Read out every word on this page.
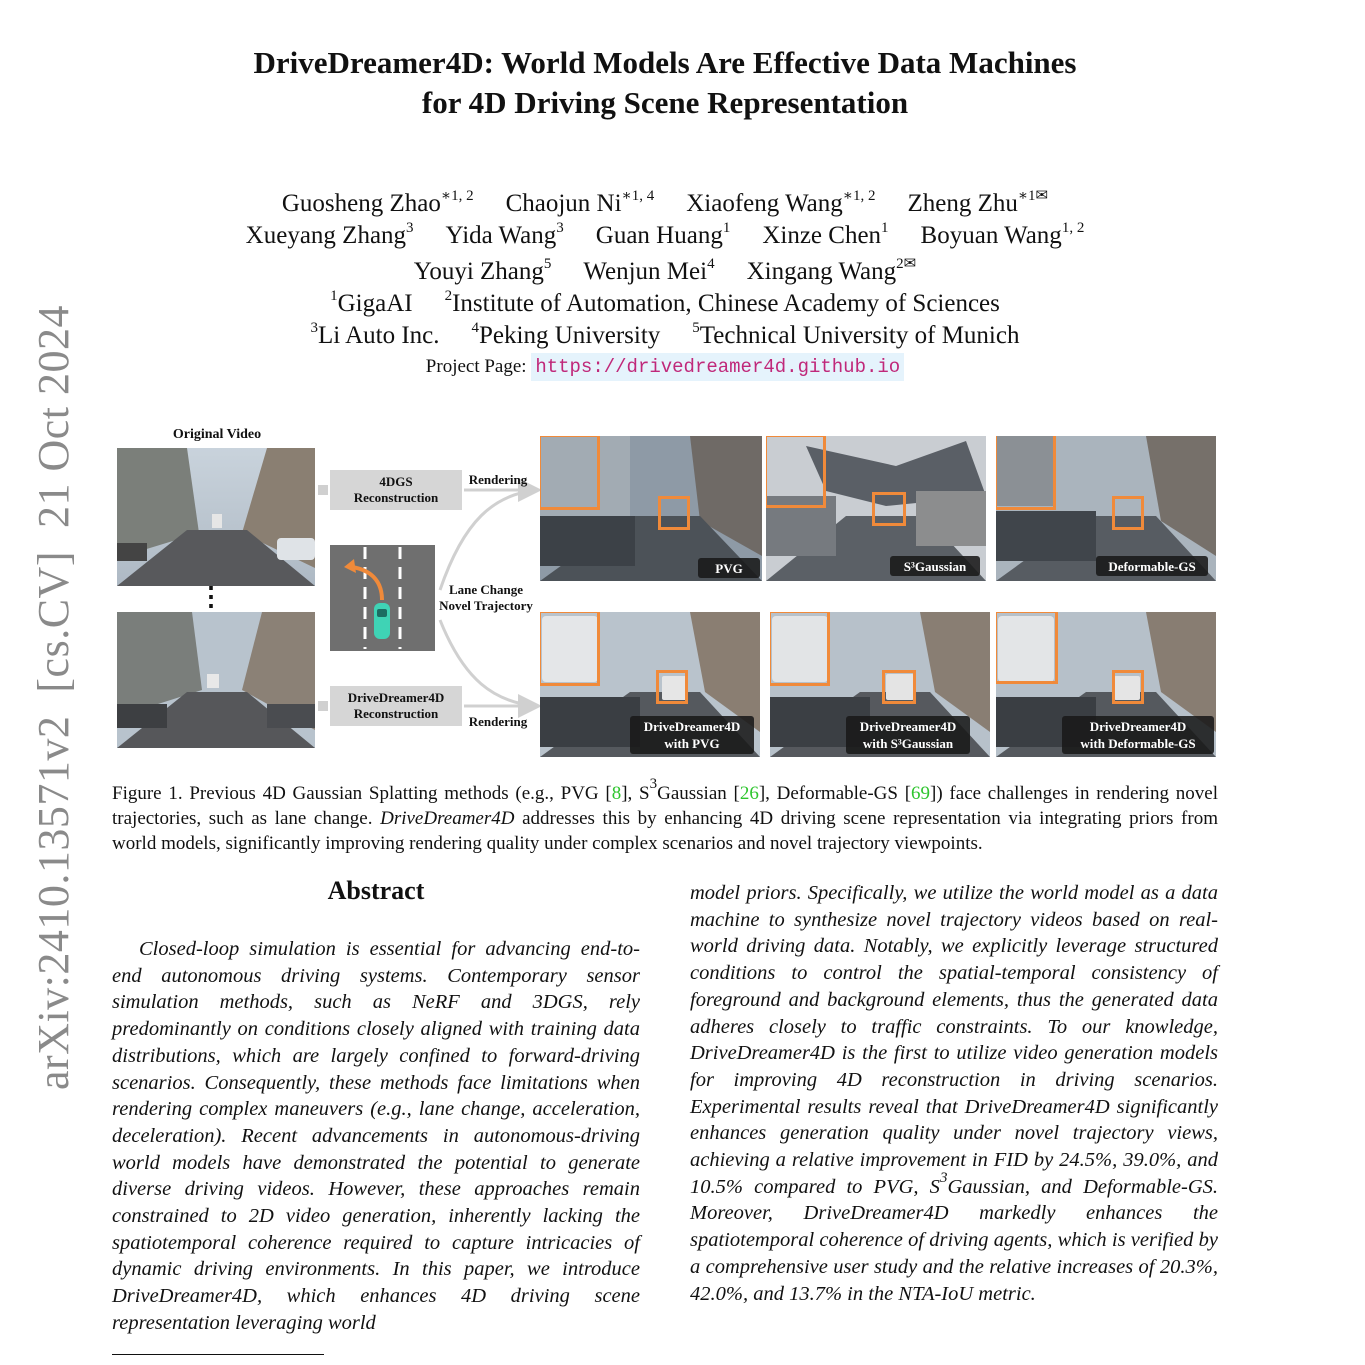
arXiv:2410.13571v2  [cs.CV]  21 Oct 2024
DriveDreamer4D: World Models Are Effective Data Machines
for 4D Driving Scene Representation
Guosheng Zhao$^{∗1, 2}$ Chaojun $Ni^{∗1, 4}$ Xiaofeng Wang$^{∗1, 2}$ Zheng Zhu$^{∗1✉}$
Xueyang Zhang$^3$ Yida Wang$^3$ Guan Huang$^1$ Xinze Chen$^1$ Boyuan Wang$^{1, 2}$
Youyi Zhang$^5$ Wenjun Mei$^4$ Xingang Wang$^{2✉}$
$^1$GigaAI $^2$Institute of Automation, Chinese Academy of Sciences
$^3$Li Auto Inc. $^4$Peking University $^5$Technical University of Munich
Project Page: https://drivedreamer4d.github.io
Original Video
⋮
4DGS
Reconstruction
DriveDreamer4D
Reconstruction
Rendering
Rendering
Lane Change
Novel Trajectory
PVG	S³Gaussian	Deformable-GS
DriveDreamer4D
with PVG
DriveDreamer4D
with S³Gaussian
DriveDreamer4D
with Deformable-GS
Figure 1. Previous 4D Gaussian Splatting methods (e.g., PVG [8], $S^3Gaussian$ [26], Deformable-GS [69]) face challenges in rendering novel trajectories, such as lane change. DriveDreamer4D addresses this by enhancing 4D driving scene representation via integrating priors from world models, significantly improving rendering quality under complex scenarios and novel trajectory viewpoints.
Abstract
Closed-loop simulation is essential for advancing end-to-end autonomous driving systems. Contemporary sensor simulation methods, such as NeRF and 3DGS, rely predominantly on conditions closely aligned with training data distributions, which are largely confined to forward-driving scenarios. Consequently, these methods face limitations when rendering complex maneuvers (e.g., lane change, acceleration, deceleration). Recent advancements in autonomous-driving world models have demonstrated the potential to generate diverse driving videos. However, these approaches remain constrained to 2D video generation, inherently lacking the spatiotemporal coherence required to capture intricacies of dynamic driving environments. In this paper, we introduce DriveDreamer4D, which enhances 4D driving scene representation leveraging world
model priors. Specifically, we utilize the world model as a data machine to synthesize novel trajectory videos based on real-world driving data. Notably, we explicitly leverage structured conditions to control the spatial-temporal consistency of foreground and background elements, thus the generated data adheres closely to traffic constraints. To our knowledge, DriveDreamer4D is the first to utilize video generation models for improving 4D reconstruction in driving scenarios. Experimental results reveal that DriveDreamer4D significantly enhances generation quality under novel trajectory views, achieving a relative improvement in FID by 24.5%, 39.0%, and 10.5% compared to PVG, $S^3Gaussian$, and Deformable-GS. Moreover, DriveDreamer4D markedly enhances the spatiotemporal coherence of driving agents, which is verified by a comprehensive user study and the relative increases of 20.3%, 42.0%, and 13.7% in the NTA-IoU metric.
